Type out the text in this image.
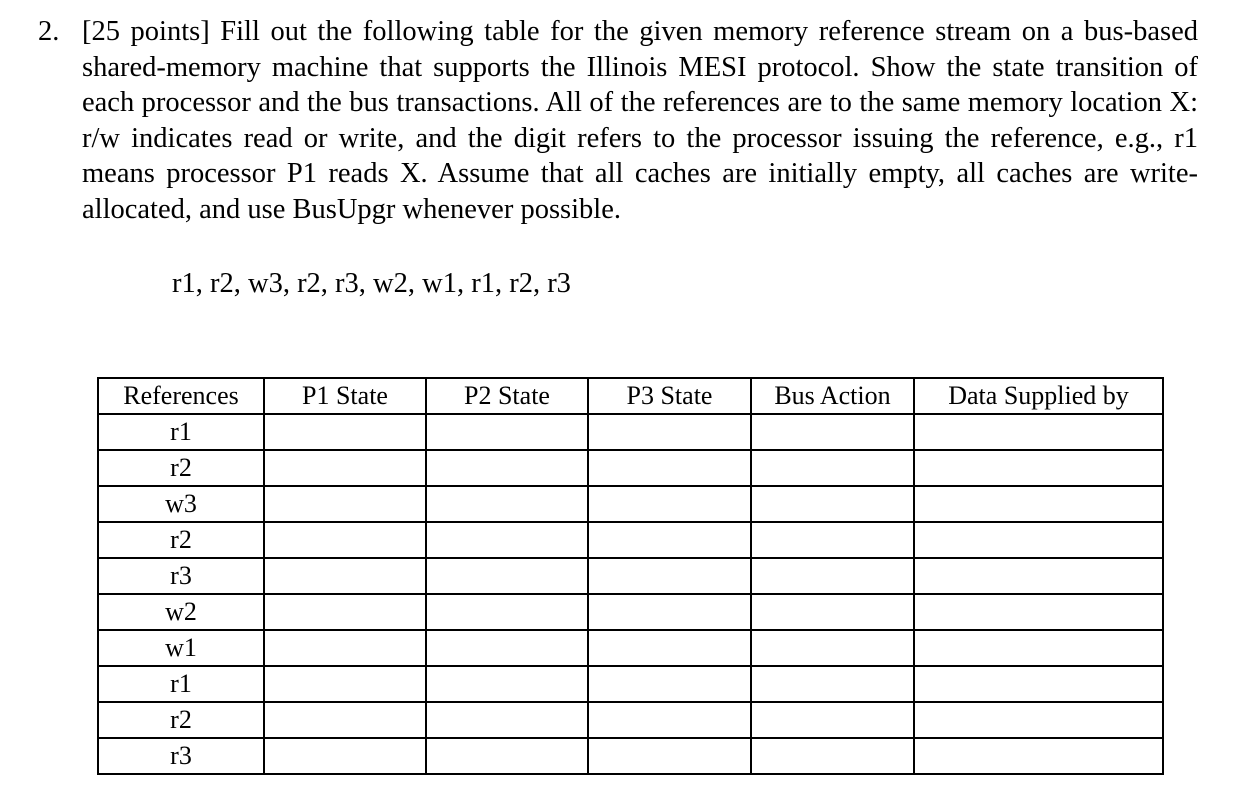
2. [25 points] Fill out the following table for the given memory reference stream on a bus-based shared-memory machine that supports the Illinois MESI protocol. Show the state transition of each processor and the bus transactions. All of the references are to the same memory location X: r/w indicates read or write, and the digit refers to the processor issuing the reference, e.g., r1 means processor P1 reads X. Assume that all caches are initially empty, all caches are write-allocated, and use BusUpgr whenever possible.
r1, r2, w3, r2, r3, w2, w1, r1, r2, r3
References	P1 State	P2 State	P3 State	Bus Action	Data Supplied by
r1					
r2					
w3					
r2					
r3					
w2					
w1					
r1					
r2					
r3					
